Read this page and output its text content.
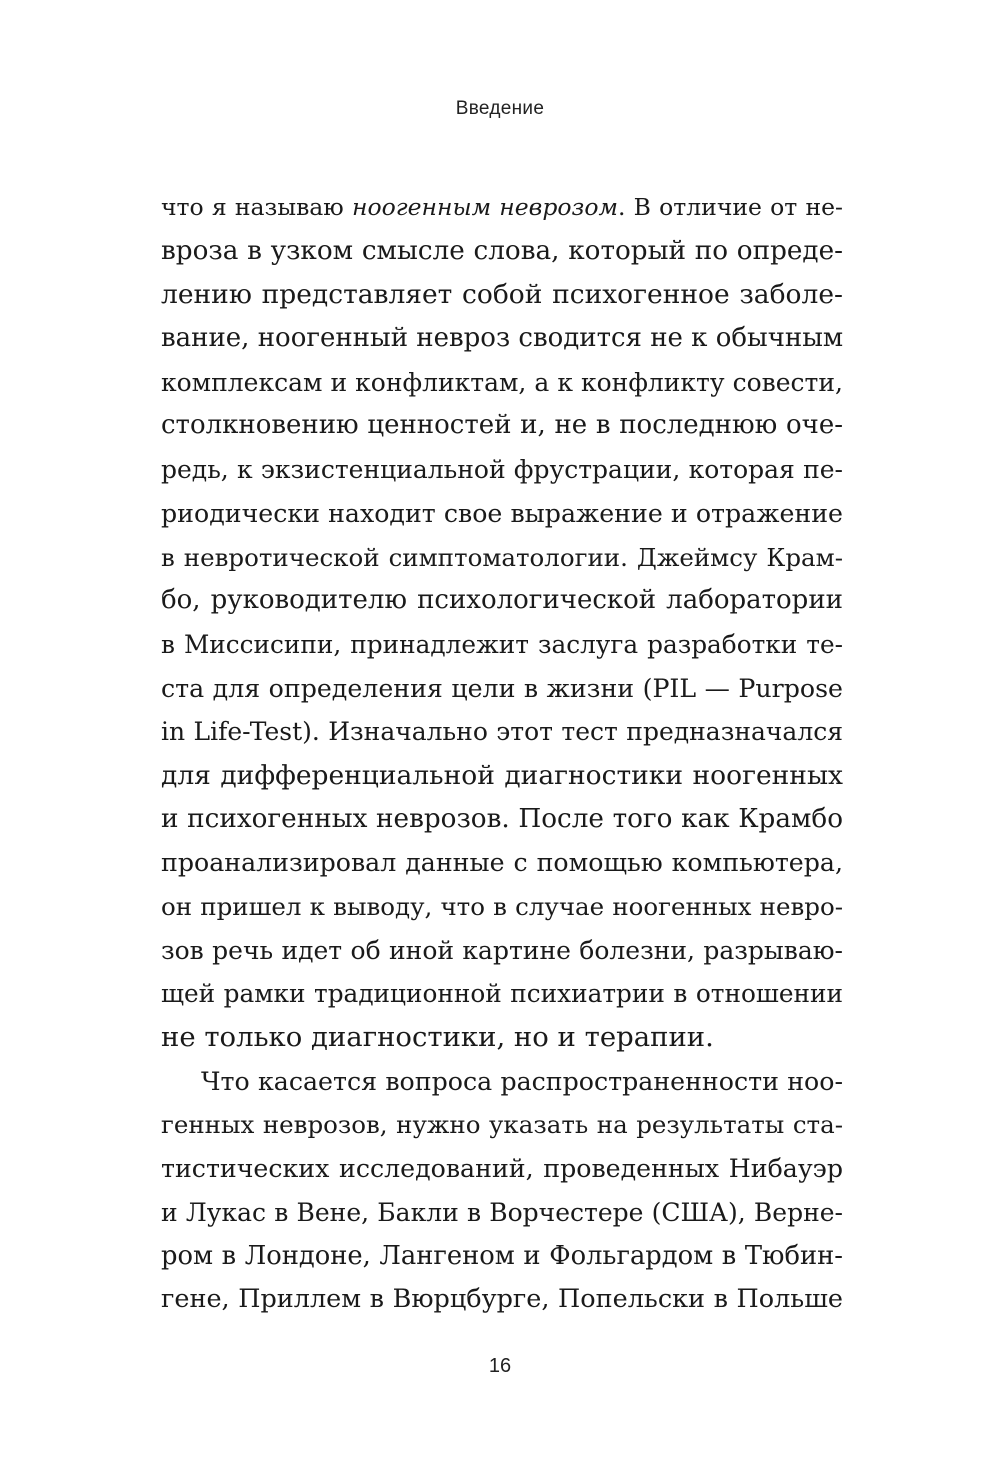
Введение
что я называю ноогенным неврозом. В отличие от не-
вроза в узком смысле слова, который по опреде-
лению представляет собой психогенное заболе-
вание, ноогенный невроз сводится не к обычным
комплексам и конфликтам, а к конфликту совести,
столкновению ценностей и, не в последнюю оче-
редь, к экзистенциальной фрустрации, которая пе-
риодически находит свое выражение и отражение
в невротической симптоматологии. Джеймсу Крам-
бо, руководителю психологической лаборатории
в Миссисипи, принадлежит заслуга разработки те-
ста для определения цели в жизни (PIL — Purpose
in Life-Test). Изначально этот тест предназначался
для дифференциальной диагностики ноогенных
и психогенных неврозов. После того как Крамбо
проанализировал данные с помощью компьютера,
он пришел к выводу, что в случае ноогенных невро-
зов речь идет об иной картине болезни, разрываю-
щей рамки традиционной психиатрии в отношении
не только диагностики, но и терапии.
Что касается вопроса распространенности ноо-
генных неврозов, нужно указать на результаты ста-
тистических исследований, проведенных Нибауэр
и Лукас в Вене, Бакли в Ворчестере (США), Верне-
ром в Лондоне, Лангеном и Фольгардом в Тюбин-
гене, Приллем в Вюрцбурге, Попельски в Польше
16
